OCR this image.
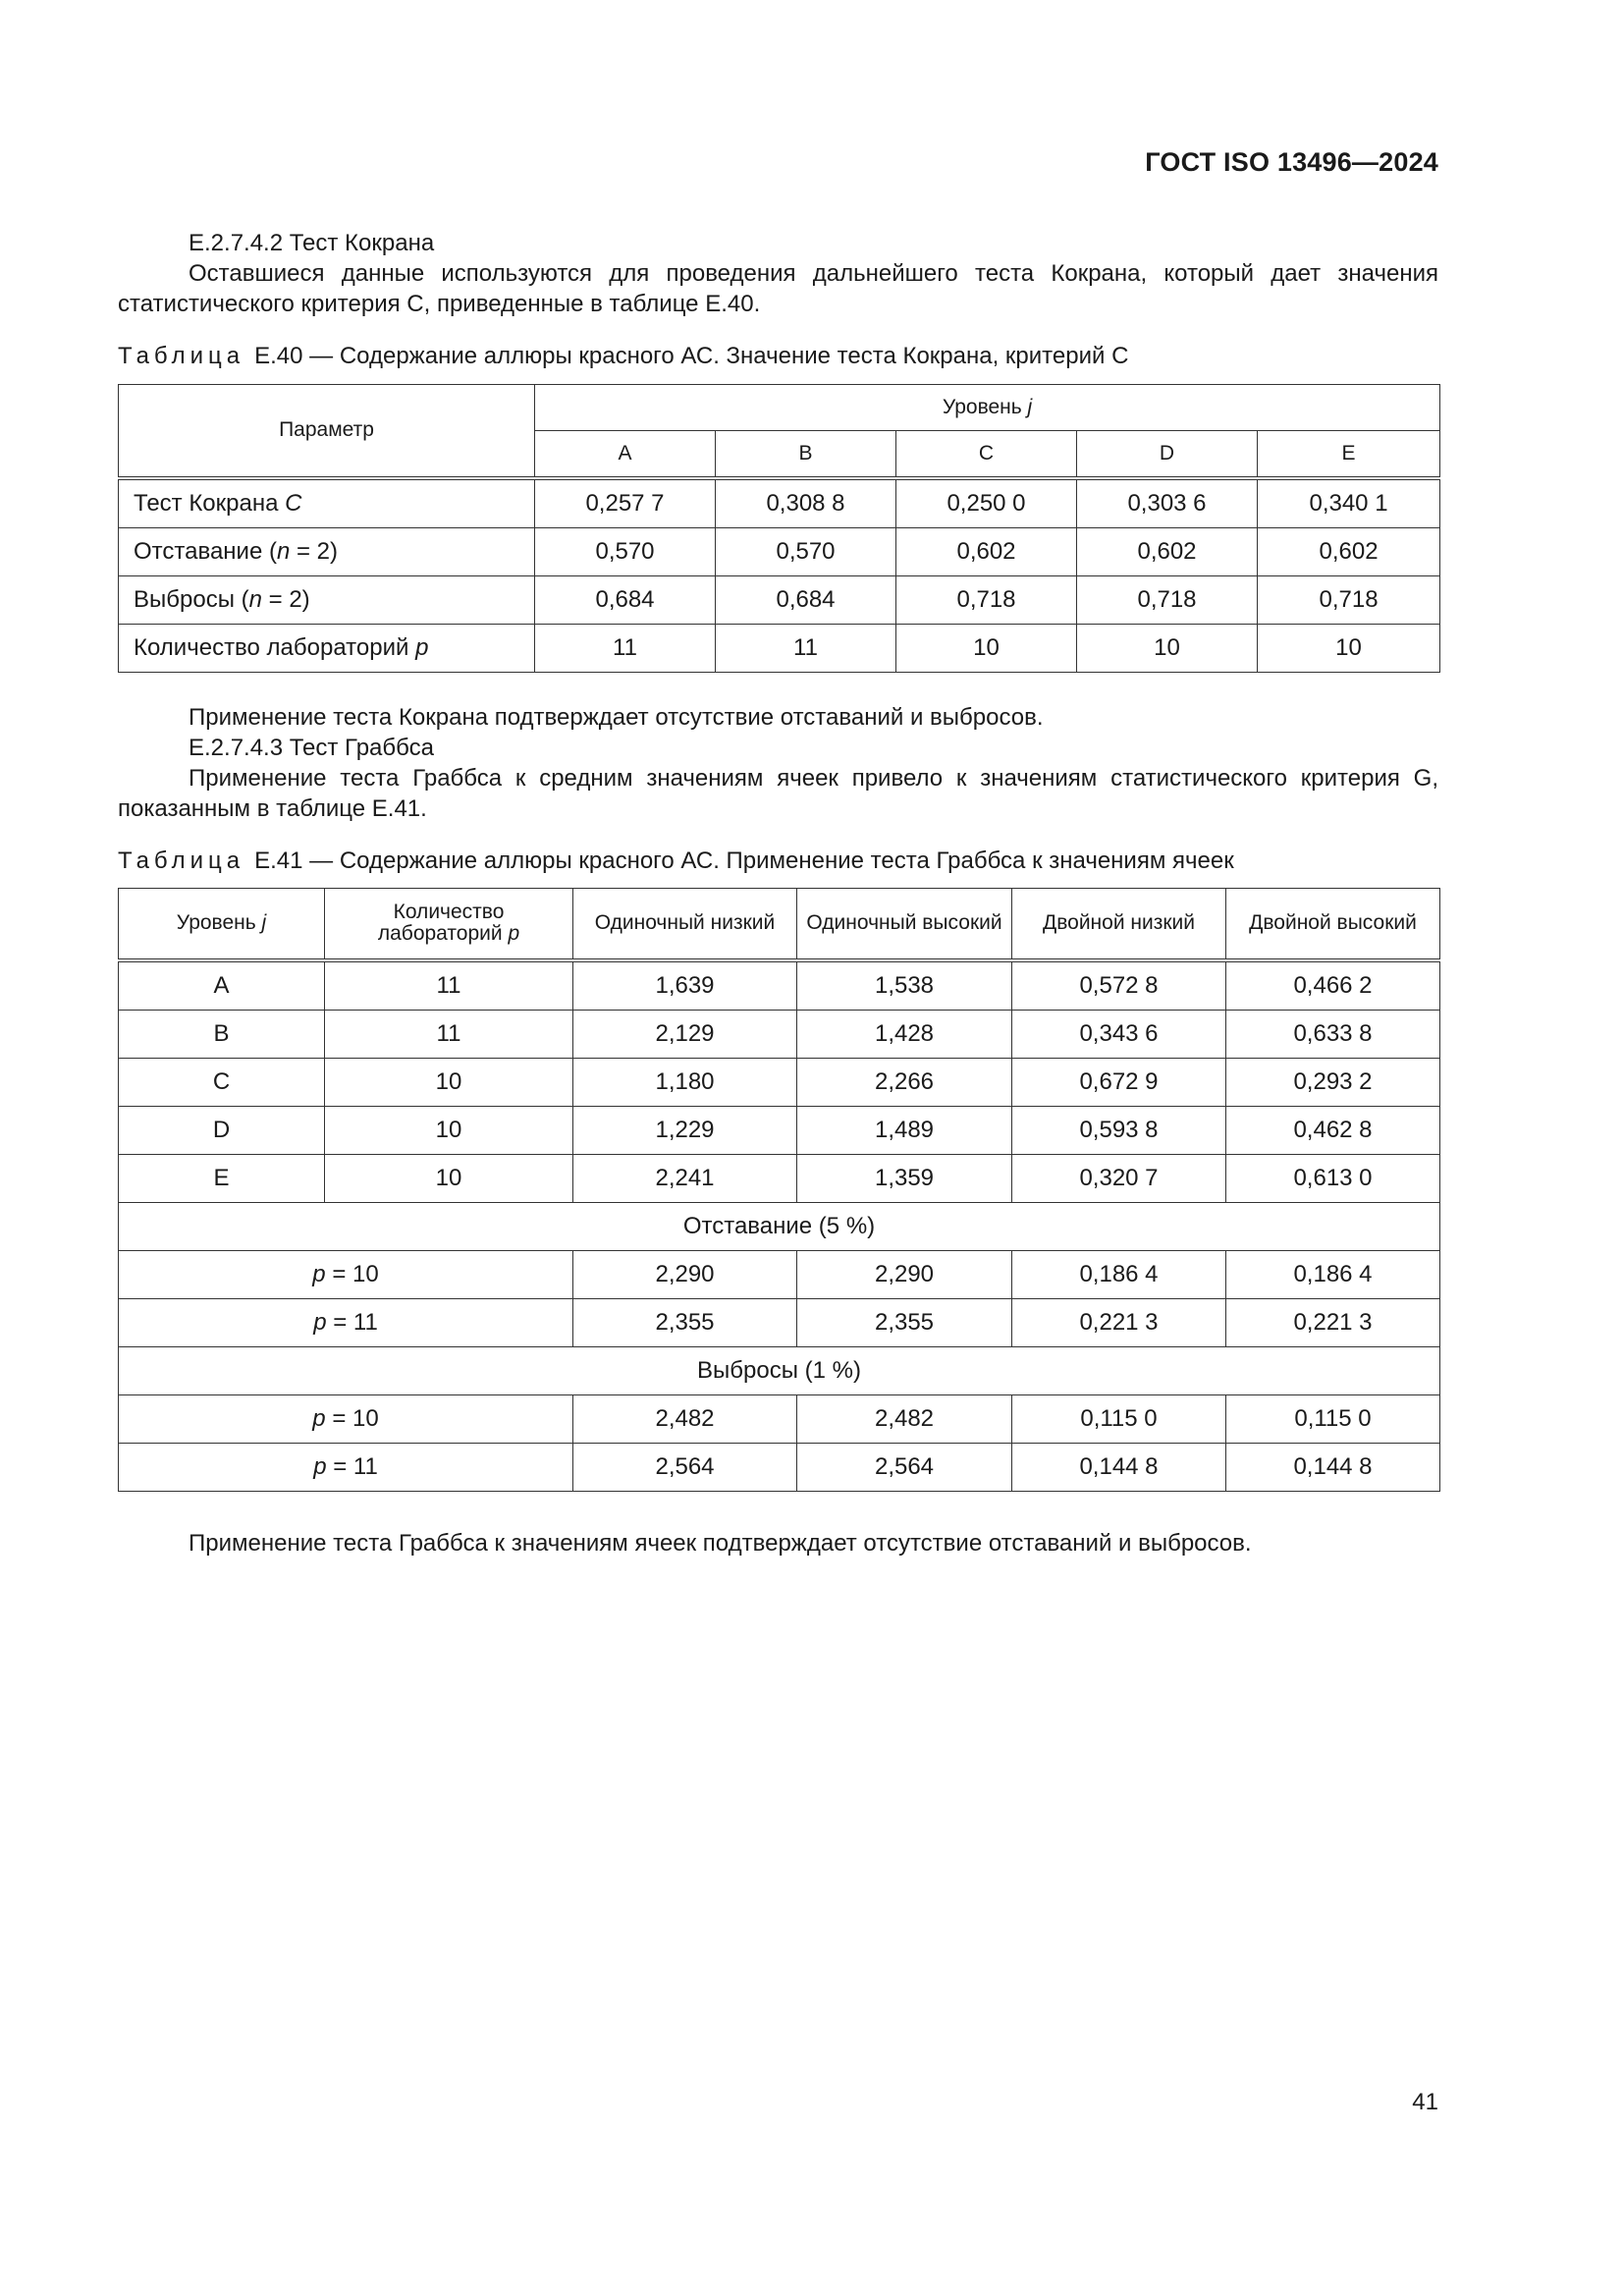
ГОСТ ISO 13496—2024
Е.2.7.4.2 Тест Кокрана
Оставшиеся данные используются для проведения дальнейшего теста Кокрана, который дает значения статистического критерия С, приведенные в таблице Е.40.
Таблица Е.40 — Содержание аллюры красного АС. Значение теста Кокрана, критерий С
Параметр	Уровень j				
	A	B	C	D	E
Тест Кокрана C	0,257 7	0,308 8	0,250 0	0,303 6	0,340 1
Отставание (n = 2)	0,570	0,570	0,602	0,602	0,602
Выбросы (n = 2)	0,684	0,684	0,718	0,718	0,718
Количество лабораторий p	11	11	10	10	10
Применение теста Кокрана подтверждает отсутствие отставаний и выбросов.
Е.2.7.4.3 Тест Граббса
Применение теста Граббса к средним значениям ячеек привело к значениям статистического критерия G, показанным в таблице Е.41.
Таблица Е.41 — Содержание аллюры красного АС. Применение теста Граббса к значениям ячеек
Уровень j	Количество лабораторий p	Одиночный низкий	Одиночный высокий	Двойной низкий	Двойной высокий
A	11	1,639	1,538	0,572 8	0,466 2
B	11	2,129	1,428	0,343 6	0,633 8
C	10	1,180	2,266	0,672 9	0,293 2
D	10	1,229	1,489	0,593 8	0,462 8
E	10	2,241	1,359	0,320 7	0,613 0
Отставание (5 %)					
p = 10		2,290	2,290	0,186 4	0,186 4
p = 11		2,355	2,355	0,221 3	0,221 3
Выбросы (1 %)					
p = 10		2,482	2,482	0,115 0	0,115 0
p = 11		2,564	2,564	0,144 8	0,144 8
Применение теста Граббса к значениям ячеек подтверждает отсутствие отставаний и выбросов.
41
